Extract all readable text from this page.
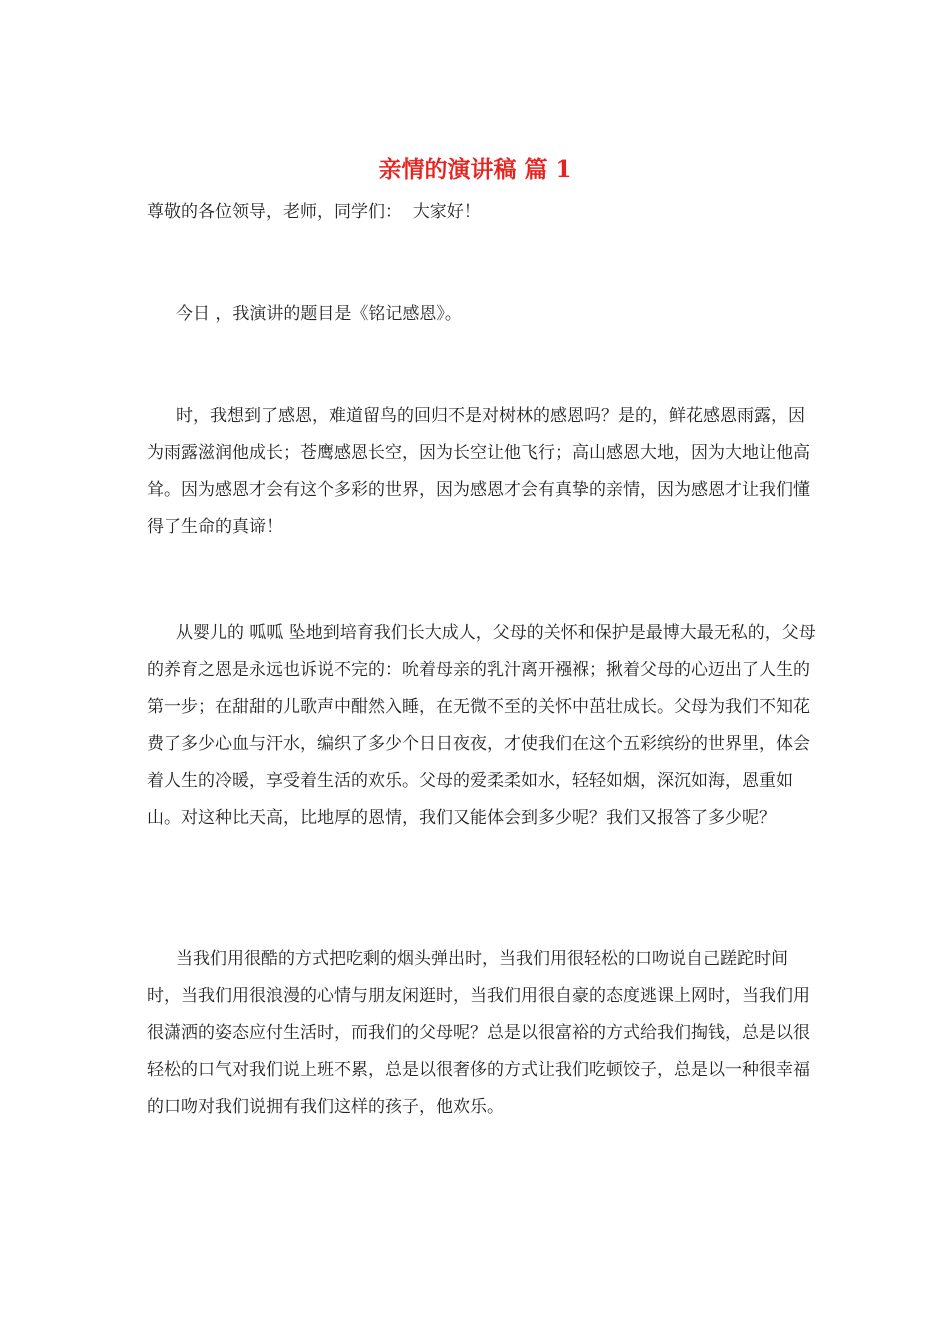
亲情的演讲稿 篇 1
尊敬的各位领导，老师，同学们：  大家好！
今日 ，我演讲的题目是《铭记感恩》。
时，我想到了感恩，难道留鸟的回归不是对树林的感恩吗？是的，鲜花感恩雨露，因为雨露滋润他成长；苍鹰感恩长空，因为长空让他飞行；高山感恩大地，因为大地让他高耸。因为感恩才会有这个多彩的世界，因为感恩才会有真挚的亲情，因为感恩才让我们懂得了生命的真谛！
从婴儿的 呱呱 坠地到培育我们长大成人，父母的关怀和保护是最博大最无私的，父母的养育之恩是永远也诉说不完的：吮着母亲的乳汁离开襁褓；揪着父母的心迈出了人生的第一步；在甜甜的儿歌声中酣然入睡，在无微不至的关怀中茁壮成长。父母为我们不知花费了多少心血与汗水，编织了多少个日日夜夜，才使我们在这个五彩缤纷的世界里，体会着人生的冷暖，享受着生活的欢乐。父母的爱柔柔如水，轻轻如烟，深沉如海，恩重如山。对这种比天高，比地厚的恩情，我们又能体会到多少呢？我们又报答了多少呢？
当我们用很酷的方式把吃剩的烟头弹出时，当我们用很轻松的口吻说自己蹉跎时间时，当我们用很浪漫的心情与朋友闲逛时，当我们用很自豪的态度逃课上网时，当我们用很潇洒的姿态应付生活时，而我们的父母呢？总是以很富裕的方式给我们掏钱，总是以很轻松的口气对我们说上班不累，总是以很奢侈的方式让我们吃顿饺子，总是以一种很幸福的口吻对我们说拥有我们这样的孩子，他欢乐。
